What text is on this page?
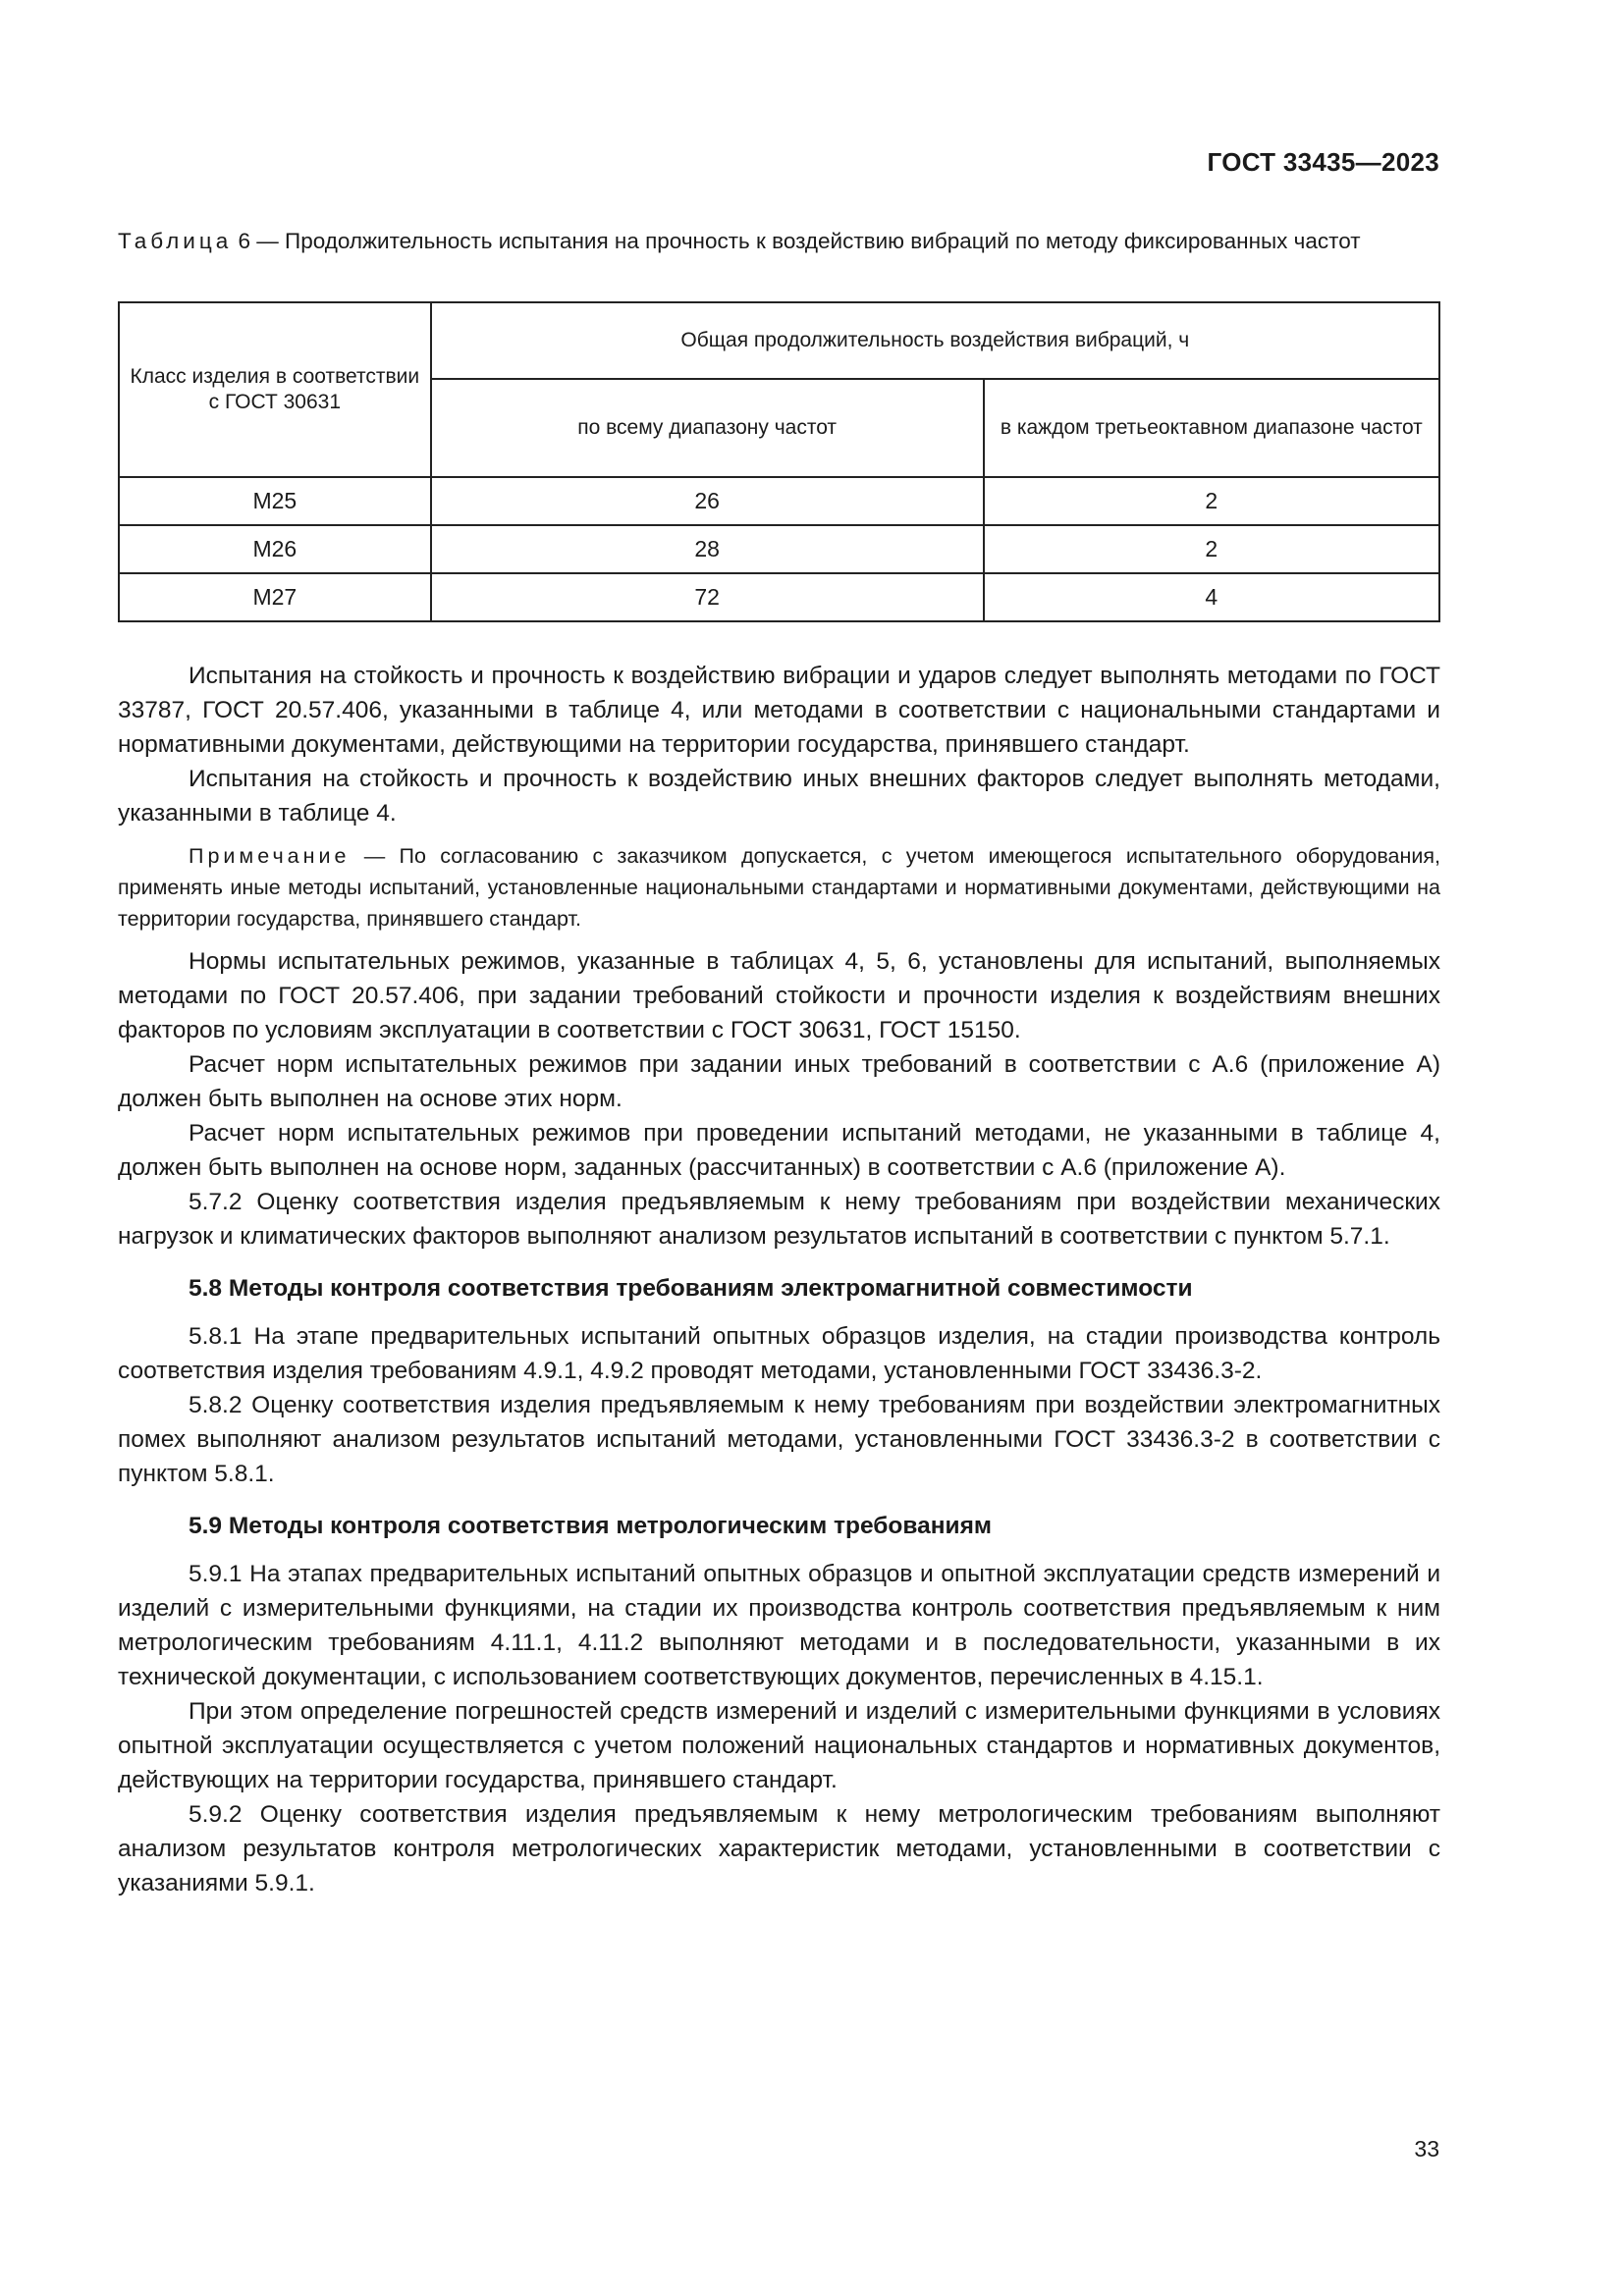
ГОСТ 33435—2023
Таблица 6 — Продолжительность испытания на прочность к воздействию вибраций по методу фиксированных частот
Класс изделия в соответствии с ГОСТ 30631	Общая продолжительность воздействия вибраций, ч	
	по всему диапазону частот	в каждом третьеоктавном диапазоне частот
М25	26	2
М26	28	2
М27	72	4

Испытания на стойкость и прочность к воздействию вибрации и ударов следует выполнять методами по ГОСТ 33787, ГОСТ 20.57.406, указанными в таблице 4, или методами в соответствии с национальными стандартами и нормативными документами, действующими на территории государства, принявшего стандарт.

Испытания на стойкость и прочность к воздействию иных внешних факторов следует выполнять методами, указанными в таблице 4.

Примечание — По согласованию с заказчиком допускается, с учетом имеющегося испытательного оборудования, применять иные методы испытаний, установленные национальными стандартами и нормативными документами, действующими на территории государства, принявшего стандарт.

Нормы испытательных режимов, указанные в таблицах 4, 5, 6, установлены для испытаний, выполняемых методами по ГОСТ 20.57.406, при задании требований стойкости и прочности изделия к воздействиям внешних факторов по условиям эксплуатации в соответствии с ГОСТ 30631, ГОСТ 15150.

Расчет норм испытательных режимов при задании иных требований в соответствии с А.6 (приложение А) должен быть выполнен на основе этих норм.

Расчет норм испытательных режимов при проведении испытаний методами, не указанными в таблице 4, должен быть выполнен на основе норм, заданных (рассчитанных) в соответствии с А.6 (приложение А).

5.7.2 Оценку соответствия изделия предъявляемым к нему требованиям при воздействии механических нагрузок и климатических факторов выполняют анализом результатов испытаний в соответствии с пунктом 5.7.1.

5.8 Методы контроля соответствия требованиям электромагнитной совместимости

5.8.1 На этапе предварительных испытаний опытных образцов изделия, на стадии производства контроль соответствия изделия требованиям 4.9.1, 4.9.2 проводят методами, установленными ГОСТ 33436.3-2.

5.8.2 Оценку соответствия изделия предъявляемым к нему требованиям при воздействии электромагнитных помех выполняют анализом результатов испытаний методами, установленными ГОСТ 33436.3-2 в соответствии с пунктом 5.8.1.

5.9 Методы контроля соответствия метрологическим требованиям

5.9.1 На этапах предварительных испытаний опытных образцов и опытной эксплуатации средств измерений и изделий с измерительными функциями, на стадии их производства контроль соответствия предъявляемым к ним метрологическим требованиям 4.11.1, 4.11.2 выполняют методами и в последовательности, указанными в их технической документации, с использованием соответствующих документов, перечисленных в 4.15.1.

При этом определение погрешностей средств измерений и изделий с измерительными функциями в условиях опытной эксплуатации осуществляется с учетом положений национальных стандартов и нормативных документов, действующих на территории государства, принявшего стандарт.

5.9.2 Оценку соответствия изделия предъявляемым к нему метрологическим требованиям выполняют анализом результатов контроля метрологических характеристик методами, установленными в соответствии с указаниями 5.9.1.

33
